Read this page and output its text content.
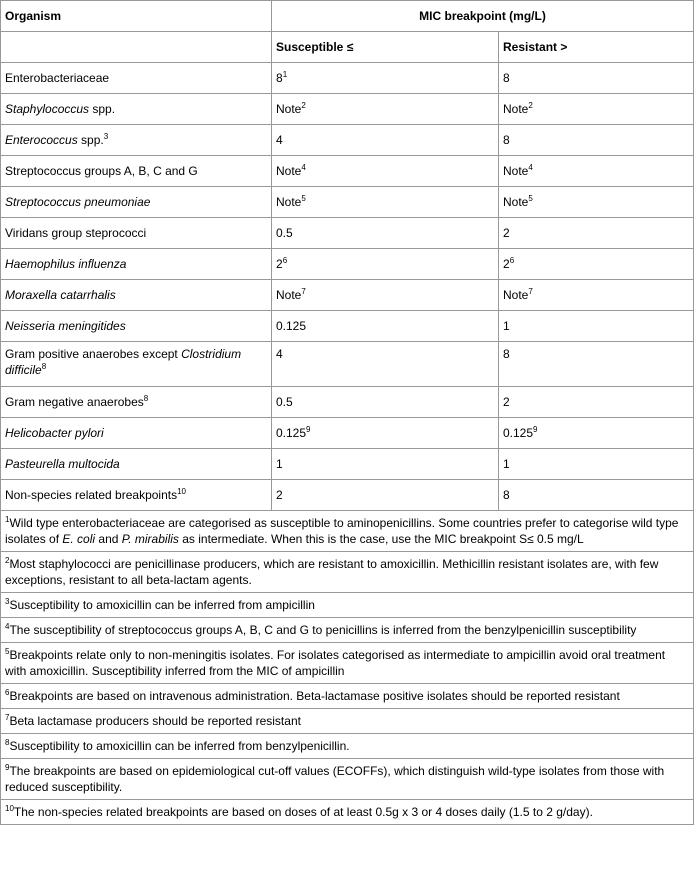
Organism	MIC breakpoint (mg/L)	
	Susceptible ≤	Resistant >
Enterobacteriaceae	$8^1$	8
Staphylococcus spp.	Note$^2$	Note$^2$
Enterococcus spp.$^3$	4	8
Streptococcus groups A, B, C and G	Note$^4$	Note$^4$
Streptococcus pneumoniae	Note$^5$	Note$^5$
Viridans group steprococci	0.5	2
Haemophilus influenza	$2^6$	$2^6$
Moraxella catarrhalis	Note$^7$	Note$^7$
Neisseria meningitides	0.125	1
Gram positive anaerobes except Clostridium difficile$^8$	4	8
Gram negative anaerobes$^8$	0.5	2
Helicobacter pylori	0.125$^9$	0.125$^9$
Pasteurella multocida	1	1
Non-species related breakpoints$^{10}$	2	8
$^1$Wild type enterobacteriaceae are categorised as susceptible to aminopenicillins. Some countries prefer to categorise wild type isolates of E. coli and P. mirabilis as intermediate. When this is the case, use the MIC breakpoint S≤ 0.5 mg/L		
$^2$Most staphylococci are penicillinase producers, which are resistant to amoxicillin. Methicillin resistant isolates are, with few exceptions, resistant to all beta-lactam agents.		
$^3$Susceptibility to amoxicillin can be inferred from ampicillin		
$^4$The susceptibility of streptococcus groups A, B, C and G to penicillins is inferred from the benzylpenicillin susceptibility		
$^5$Breakpoints relate only to non-meningitis isolates. For isolates categorised as intermediate to ampicillin avoid oral treatment with amoxicillin. Susceptibility inferred from the MIC of ampicillin		
$^6$Breakpoints are based on intravenous administration. Beta-lactamase positive isolates should be reported resistant		
$^7$Beta lactamase producers should be reported resistant		
$^8$Susceptibility to amoxicillin can be inferred from benzylpenicillin.		
$^9$The breakpoints are based on epidemiological cut-off values (ECOFFs), which distinguish wild-type isolates from those with reduced susceptibility.		
$^{10}$The non-species related breakpoints are based on doses of at least 0.5g x 3 or 4 doses daily (1.5 to 2 g/day).		
